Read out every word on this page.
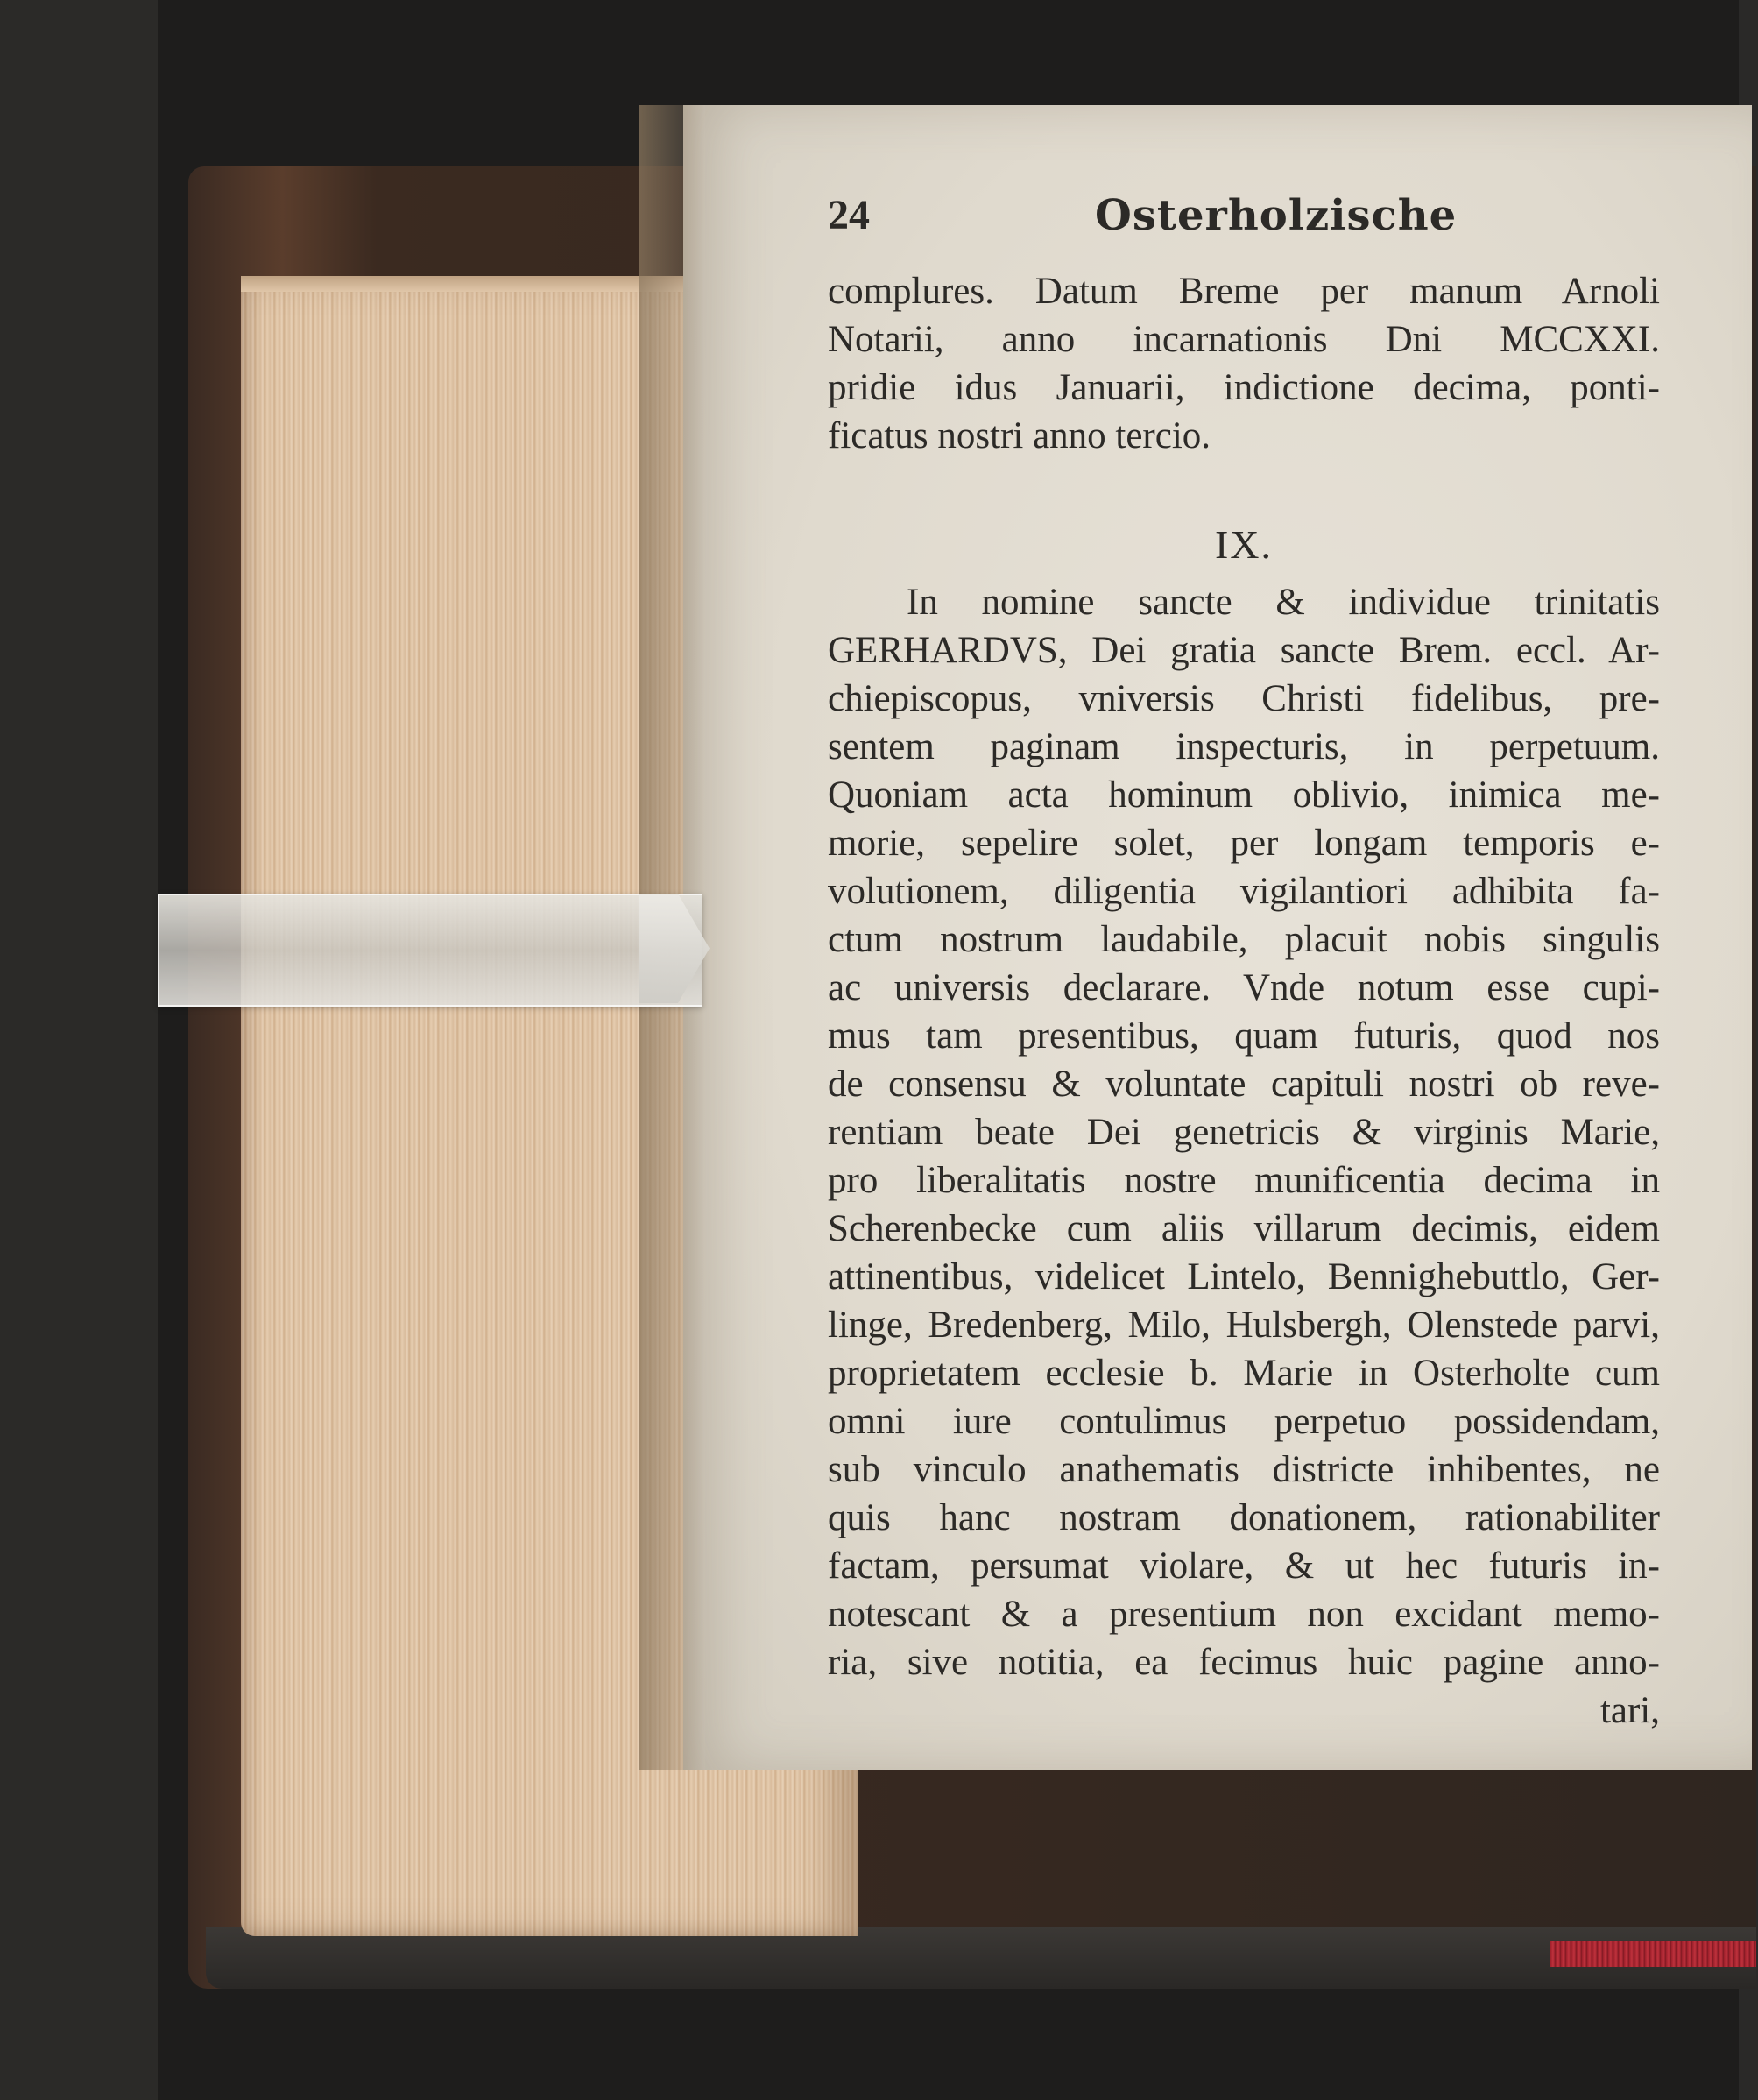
24	Osterholzische
complures. Datum Breme per manum Arnoli
Notarii, anno incarnationis Dni MCCXXI.
pridie idus Januarii, indictione decima, ponti-
ficatus nostri anno tercio.
IX.
In nomine sancte & individue trinitatis
GERHARDVS, Dei gratia sancte Brem. eccl. Ar-
chiepiscopus, vniversis Christi fidelibus, pre-
sentem paginam inspecturis, in perpetuum.
Quoniam acta hominum oblivio, inimica me-
morie, sepelire solet, per longam temporis e-
volutionem, diligentia vigilantiori adhibita fa-
ctum nostrum laudabile, placuit nobis singulis
ac universis declarare. Vnde notum esse cupi-
mus tam presentibus, quam futuris, quod nos
de consensu & voluntate capituli nostri ob reve-
rentiam beate Dei genetricis & virginis Marie,
pro liberalitatis nostre munificentia decima in
Scherenbecke cum aliis villarum decimis, eidem
attinentibus, videlicet Lintelo, Bennighebuttlo, Ger-
linge, Bredenberg, Milo, Hulsbergh, Olenstede parvi,
proprietatem ecclesie b. Marie in Osterholte cum
omni iure contulimus perpetuo possidendam,
sub vinculo anathematis districte inhibentes, ne
quis hanc nostram donationem, rationabiliter
factam, persumat violare, & ut hec futuris in-
notescant & a presentium non excidant memo-
ria, sive notitia, ea fecimus huic pagine anno-
tari,
